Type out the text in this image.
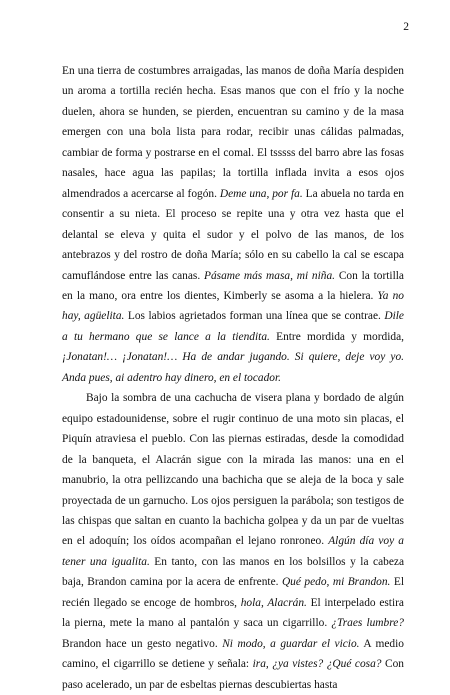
2

En una tierra de costumbres arraigadas, las manos de doña María despiden un aroma a tortilla recién hecha. Esas manos que con el frío y la noche duelen, ahora se hunden, se pierden, encuentran su camino y de la masa emergen con una bola lista para rodar, recibir unas cálidas palmadas, cambiar de forma y postrarse en el comal. El tsssss del barro abre las fosas nasales, hace agua las papilas; la tortilla inflada invita a esos ojos almendrados a acercarse al fogón. Deme una, por fa. La abuela no tarda en consentir a su nieta. El proceso se repite una y otra vez hasta que el delantal se eleva y quita el sudor y el polvo de las manos, de los antebrazos y del rostro de doña María; sólo en su cabello la cal se escapa camuflándose entre las canas. Pásame más masa, mi niña. Con la tortilla en la mano, ora entre los dientes, Kimberly se asoma a la hielera. Ya no hay, agüelita. Los labios agrietados forman una línea que se contrae. Dile a tu hermano que se lance a la tiendita. Entre mordida y mordida, ¡Jonatan!… ¡Jonatan!… Ha de andar jugando. Si quiere, deje voy yo. Anda pues, ai adentro hay dinero, en el tocador.

Bajo la sombra de una cachucha de visera plana y bordado de algún equipo estadounidense, sobre el rugir continuo de una moto sin placas, el Piquín atraviesa el pueblo. Con las piernas estiradas, desde la comodidad de la banqueta, el Alacrán sigue con la mirada las manos: una en el manubrio, la otra pellizcando una bachicha que se aleja de la boca y sale proyectada de un garnucho. Los ojos persiguen la parábola; son testigos de las chispas que saltan en cuanto la bachicha golpea y da un par de vueltas en el adoquín; los oídos acompañan el lejano ronroneo. Algún día voy a tener una igualita. En tanto, con las manos en los bolsillos y la cabeza baja, Brandon camina por la acera de enfrente. Qué pedo, mi Brandon. El recién llegado se encoge de hombros, hola, Alacrán. El interpelado estira la pierna, mete la mano al pantalón y saca un cigarrillo. ¿Traes lumbre? Brandon hace un gesto negativo. Ni modo, a guardar el vicio. A medio camino, el cigarrillo se detiene y señala: ira, ¿ya vistes? ¿Qué cosa? Con paso acelerado, un par de esbeltas piernas descubiertas hasta
